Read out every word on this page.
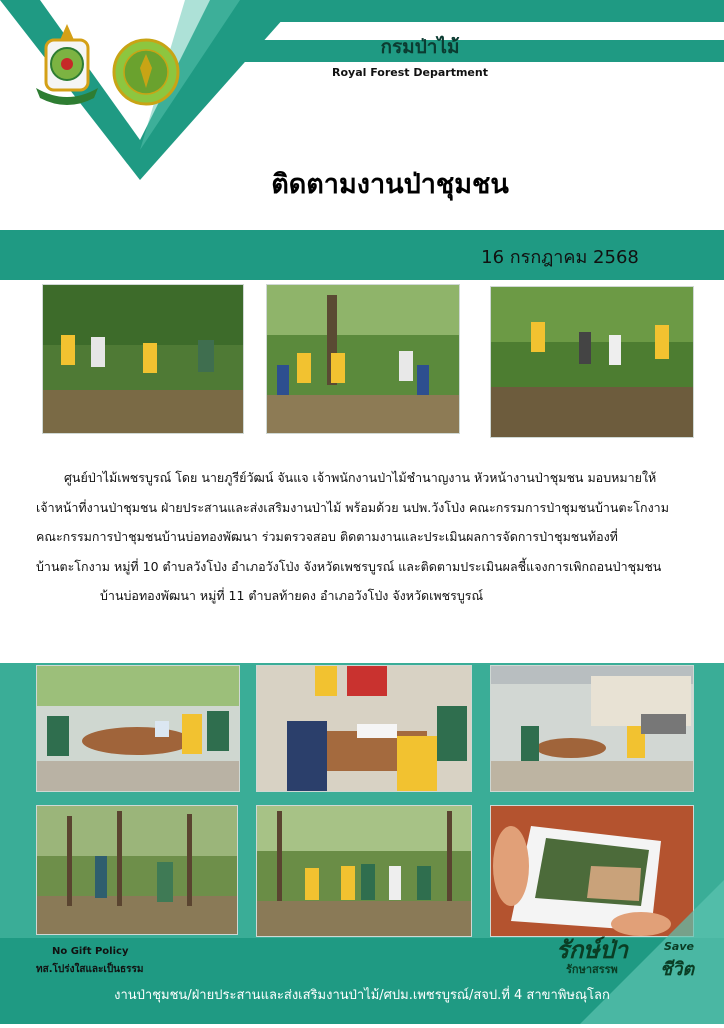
กรมป่าไม้
Royal Forest Department
ติดตามงานป่าชุมชน
16 กรกฎาคม 2568
ศูนย์ป่าไม้เพชรบูรณ์ โดย นายภูรีย์วัฒน์ จันแจ เจ้าพนักงานป่าไม้ชำนาญงาน หัวหน้างานป่าชุมชน มอบหมายให้
เจ้าหน้าที่งานป่าชุมชน ฝ่ายประสานและส่งเสริมงานป่าไม้ พร้อมด้วย นปพ.วังโป่ง คณะกรรมการป่าชุมชนบ้านตะโกงาม
คณะกรรมการป่าชุมชนบ้านบ่อทองพัฒนา ร่วมตรวจสอบ ติดตามงานและประเมินผลการจัดการป่าชุมชนท้องที่
บ้านตะโกงาม หมู่ที่ 10 ตำบลวังโป่ง อำเภอวังโป่ง จังหวัดเพชรบูรณ์ และติดตามประเมินผลชี้แจงการเพิกถอนป่าชุมชน
บ้านบ่อทองพัฒนา หมู่ที่ 11 ตำบลท้ายดง อำเภอวังโป่ง จังหวัดเพชรบูรณ์
No Gift Policy
ทส.โปร่งใสและเป็นธรรม
รักษ์ป่า	Save
รักษาสรรพ	ชีวิต
งานป่าชุมชน/ฝ่ายประสานและส่งเสริมงานป่าไม้/ศปม.เพชรบูรณ์/สจป.ที่ 4 สาขาพิษณุโลก
